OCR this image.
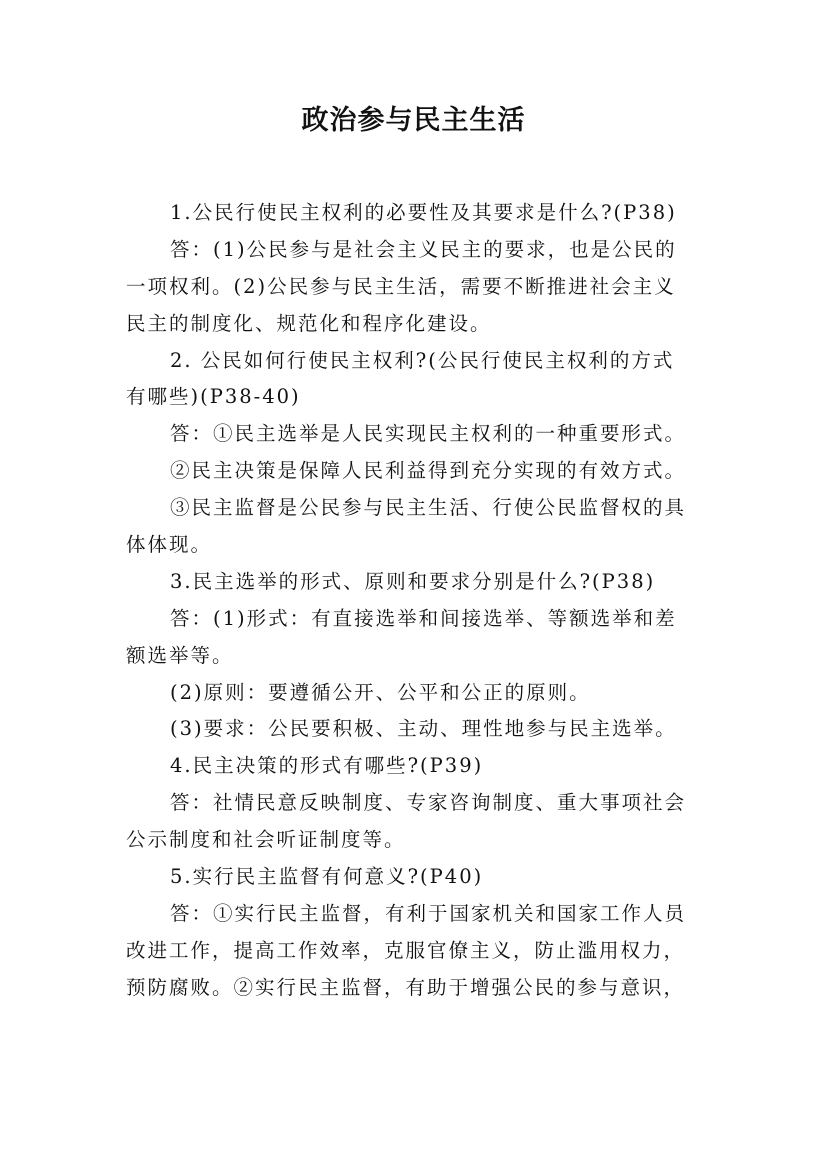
政治参与民主生活
1.公民行使民主权利的必要性及其要求是什么?(P38)
答：(1)公民参与是社会主义民主的要求，也是公民的
一项权利。(2)公民参与民主生活，需要不断推进社会主义
民主的制度化、规范化和程序化建设。
2. 公民如何行使民主权利?(公民行使民主权利的方式
有哪些)(P38-40)
答：①民主选举是人民实现民主权利的一种重要形式。
②民主决策是保障人民利益得到充分实现的有效方式。
③民主监督是公民参与民主生活、行使公民监督权的具
体体现。
3.民主选举的形式、原则和要求分别是什么?(P38)
答：(1)形式：有直接选举和间接选举、等额选举和差
额选举等。
(2)原则：要遵循公开、公平和公正的原则。
(3)要求：公民要积极、主动、理性地参与民主选举。
4.民主决策的形式有哪些?(P39)
答：社情民意反映制度、专家咨询制度、重大事项社会
公示制度和社会听证制度等。
5.实行民主监督有何意义?(P40)
答：①实行民主监督，有利于国家机关和国家工作人员
改进工作，提高工作效率，克服官僚主义，防止滥用权力，
预防腐败。②实行民主监督，有助于增强公民的参与意识，
